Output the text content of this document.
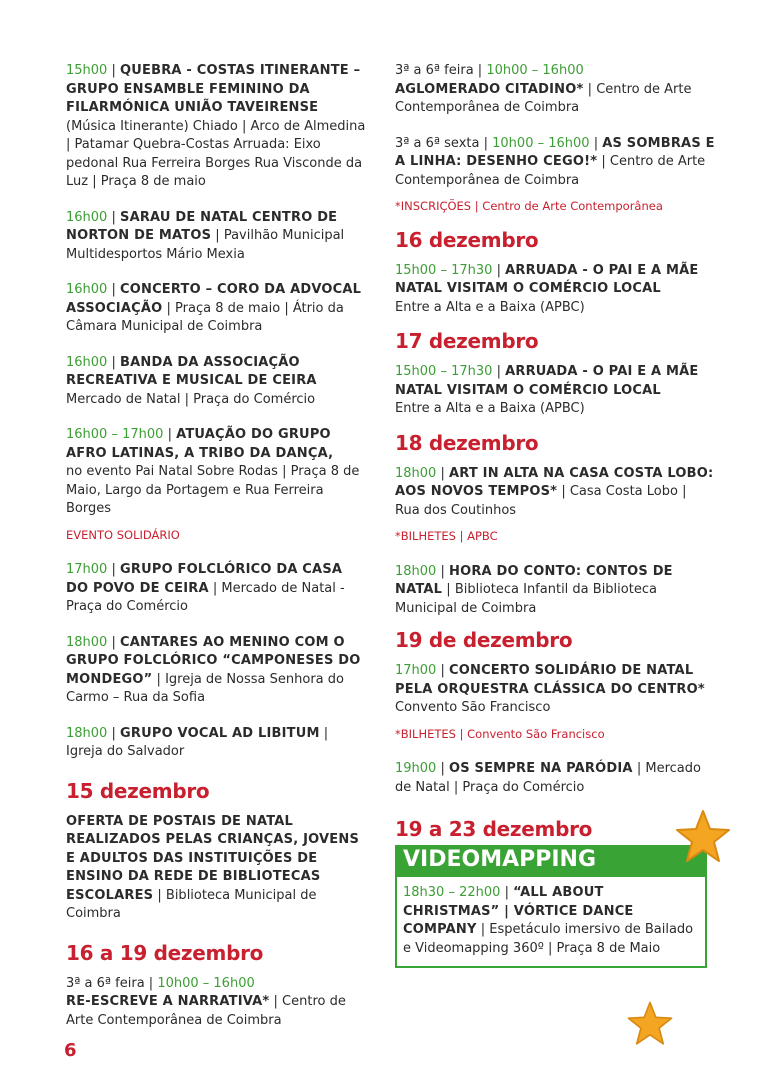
15h00 | QUEBRA - COSTAS ITINERANTE – GRUPO ENSAMBLE FEMININO DA FILARMÓNICA UNIÃO TAVEIRENSE
(Música Itinerante) Chiado | Arco de Almedina | Patamar Quebra-Costas Arruada: Eixo pedonal Rua Ferreira Borges Rua Visconde da Luz | Praça 8 de maio
16h00 | SARAU DE NATAL CENTRO DE NORTON DE MATOS | Pavilhão Municipal Multidesportos Mário Mexia
16h00 | CONCERTO – CORO DA ADVOCAL ASSOCIAÇÃO | Praça 8 de maio | Átrio da Câmara Municipal de Coimbra
16h00 | BANDA DA ASSOCIAÇÃO RECREATIVA E MUSICAL DE CEIRA
Mercado de Natal | Praça do Comércio
16h00 – 17h00 | ATUAÇÃO DO GRUPO AFRO LATINAS, A TRIBO DA DANÇA,
no evento Pai Natal Sobre Rodas | Praça 8 de Maio, Largo da Portagem e Rua Ferreira Borges
EVENTO SOLIDÁRIO
17h00 | GRUPO FOLCLÓRICO DA CASA DO POVO DE CEIRA | Mercado de Natal - Praça do Comércio
18h00 | CANTARES AO MENINO COM O GRUPO FOLCLÓRICO “CAMPONESES DO MONDEGO” | Igreja de Nossa Senhora do Carmo – Rua da Sofia
18h00 | GRUPO VOCAL AD LIBITUM | Igreja do Salvador
15 dezembro
OFERTA DE POSTAIS DE NATAL REALIZADOS PELAS CRIANÇAS, JOVENS E ADULTOS DAS INSTITUIÇÕES DE ENSINO DA REDE DE BIBLIOTECAS ESCOLARES | Biblioteca Municipal de Coimbra
16 a 19 dezembro
3ª a 6ª feira | 10h00 – 16h00
RE-ESCREVE A NARRATIVA* | Centro de Arte Contemporânea de Coimbra
3ª a 6ª feira | 10h00 – 16h00
AGLOMERADO CITADINO* | Centro de Arte Contemporânea de Coimbra
3ª a 6ª sexta | 10h00 – 16h00 | AS SOMBRAS E A LINHA: DESENHO CEGO!* | Centro de Arte Contemporânea de Coimbra
*INSCRIÇÕES | Centro de Arte Contemporânea
16 dezembro
15h00 – 17h30 | ARRUADA - O PAI E A MÃE NATAL VISITAM O COMÉRCIO LOCAL
Entre a Alta e a Baixa (APBC)
17 dezembro
15h00 – 17h30 | ARRUADA - O PAI E A MÃE NATAL VISITAM O COMÉRCIO LOCAL
Entre a Alta e a Baixa (APBC)
18 dezembro
18h00 | ART IN ALTA NA CASA COSTA LOBO: AOS NOVOS TEMPOS* | Casa Costa Lobo | Rua dos Coutinhos
*BILHETES | APBC
18h00 | HORA DO CONTO: CONTOS DE NATAL | Biblioteca Infantil da Biblioteca Municipal de Coimbra
19 de dezembro
17h00 | CONCERTO SOLIDÁRIO DE NATAL PELA ORQUESTRA CLÁSSICA DO CENTRO*
Convento São Francisco
*BILHETES | Convento São Francisco
19h00 | OS SEMPRE NA PARÓDIA | Mercado de Natal | Praça do Comércio
19 a 23 dezembro
VIDEOMAPPING
18h30 – 22h00 | “ALL ABOUT CHRISTMAS” | VÓRTICE DANCE COMPANY | Espetáculo imersivo de Bailado e Videomapping 360º | Praça 8 de Maio
6
